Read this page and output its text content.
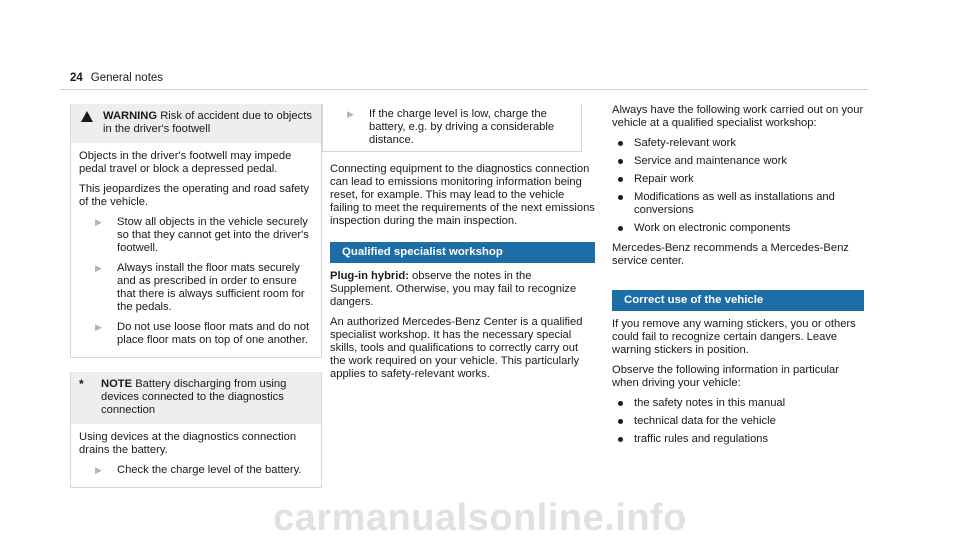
24 General notes
WARNING Risk of accident due to objects in the driver's footwell

Objects in the driver's footwell may impede pedal travel or block a depressed pedal.

This jeopardizes the operating and road safety of the vehicle.

▶	Stow all objects in the vehicle securely so that they cannot get into the driver's footwell.
▶	Always install the floor mats securely and as prescribed in order to ensure that there is always sufficient room for the pedals.
▶	Do not use loose floor mats and do not place floor mats on top of one another.
*	NOTE Battery discharging from using devices connected to the diagnostics connection

Using devices at the diagnostics connection drains the battery.

▶	Check the charge level of the battery.
▶	If the charge level is low, charge the battery, e.g. by driving a considerable distance.

Connecting equipment to the diagnostics connection can lead to emissions monitoring information being reset, for example. This may lead to the vehicle failing to meet the requirements of the next emissions inspection during the main inspection.

Qualified specialist workshop

Plug-in hybrid: observe the notes in the Supplement. Otherwise, you may fail to recognize dangers.

An authorized Mercedes-Benz Center is a qualified specialist workshop. It has the necessary special skills, tools and qualifications to correctly carry out the work required on your vehicle. This particularly applies to safety-relevant works.

Always have the following work carried out on your vehicle at a qualified specialist workshop:

Safety-relevant work
Service and maintenance work
Repair work
Modifications as well as installations and conversions
Work on electronic components

Mercedes-Benz recommends a Mercedes-Benz service center.

Correct use of the vehicle

If you remove any warning stickers, you or others could fail to recognize certain dangers. Leave warning stickers in position.

Observe the following information in particular when driving your vehicle:

the safety notes in this manual
technical data for the vehicle
traffic rules and regulations
carmanualsonline.info
